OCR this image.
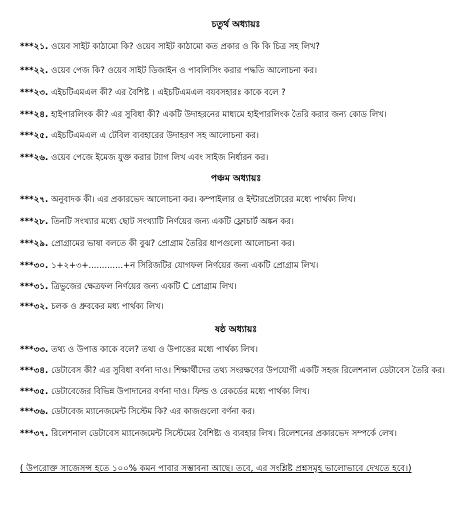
চতুর্থ অধ্যায়ঃ
***২১. ওয়েব সাইট কাঠামো কি? ওয়েব সাইট কাঠামো কত প্রকার ও কি কি চিত্র সহ লিখ?
***২২. ওয়েব পেজ কি? ওয়েব সাইট ডিজাইন ও পাবলিসিং করার পদ্ধতি আলোচনা কর।
***২৩. এইচটিএমএল কী? এর বৈশিষ্ট । এইচটিএমএল বযবসহারঃ কাকে বলে ?
***২৪. হাইপারলিংক কী? এর সুবিধা কী? একটি উদাহরনের মাধ্যমে হাইপারলিংক তৈরি করার জন্য কোড লিখ।
***২৫. এইচটিএমএল এ টেবিল ব্যবহারের উদাহরণ সহ আলোচনা কর।
***২৬. ওয়েব পেজে ইমেজ যুক্ত করার ট্যাগ লিখ এবং সাইজ নির্ধারন কর।
পঞ্চম অধ্যায়ঃ
***২৭. অনুবাদক কী। এর প্রকারভেদ আলোচনা কর। কম্পাইলার ও ইন্টারপ্রেটারের মধ্যে পার্থক্য লিখ।
***২৮. তিনটি সংখ্যার মধ্যে ছোট সংখ্যাটি নির্ণয়ের জন্য একটি ফ্লোচার্ট অঙ্কন কর।
***২৯. প্রোগ্রামের ভাষা বলতে কী বুঝ? প্রোগ্রাম তৈরির ধাপগুলো আলোচনা কর।
***৩০. ১+২+৩+.............+ন সিরিজটির যোগফল নির্ণয়ের জন্য একটি প্রোগ্রাম লিখ।
***৩১. ত্রিভুজের ক্ষেত্রফল নির্ণয়ের জন্য একটি C প্রোগ্রাম লিখ।
***৩২. চলক ও ধ্রুবকের মধ্য পার্থক্য লিখ।
ষষ্ঠ অধ্যায়ঃ
***৩৩. তথ্য ও উপাত্ত কাকে বলে? তথ্য ও উপাত্তের মধ্যে পার্থক্য লিখ।
***৩৪. ডেটাবেস কী? এর সুবিধা বর্ণনা দাও। শিক্ষার্থীদের তথ্য সংরক্ষণের উপযোগী একটি সহজ রিলেশনাল ডেটাবেস তৈরি কর।
***৩৫. ডেটাবেজের বিভিন্ন উপাদানের বর্ণনা দাও। ফিল্ড ও রেকর্ডের মধ্যে পার্থক্য লিখ।
***৩৬. ডেটাবেজ ম্যানেজমেন্ট সিস্টেম কি? এর কাজগুলো বর্ণনা কর।
***৩৭. রিলেশনাল ডেটাবেস ম্যানেজমেন্ট সিস্টেমের বৈশিষ্ট্য ও ব্যবহার লিখ। রিলেশনের প্রকারভেদ সম্পর্কে লেখ।
( উপরোক্ত সাজেসন্স হতে ১০০% কমন পাবার সম্ভাবনা আছে। তবে, এর সংশ্লিষ্ট প্রশ্নসমূহ ভালোভাবে দেখতে হবে।)
